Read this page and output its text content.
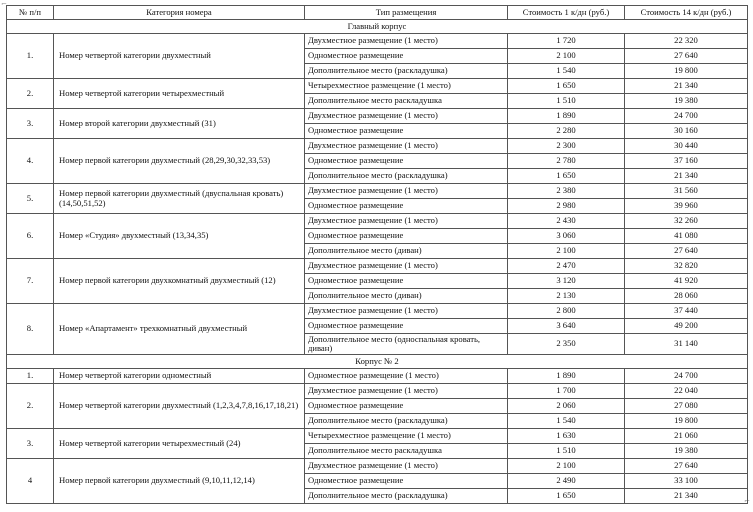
⌐
⌐
№ п/п	Категория номера	Тип размещения	Стоимость 1 к/дн (руб.)	Стоимость 14 к/дн (руб.)
Главный корпус				
1.	Номер четвертой категории двухместный	Двухместное размещение (1 место)	1 720	22 320
		Одноместное размещение	2 100	27 640
		Дополнительное место (раскладушка)	1 540	19 800
2.	Номер четвертой категории четырехместный	Четырехместное размещение (1 место)	1 650	21 340
		Дополнительное место раскладушка	1 510	19 380
3.	Номер второй категории двухместный (31)	Двухместное размещение (1 место)	1 890	24 700
		Одноместное размещение	2 280	30 160
4.	Номер первой категории двухместный (28,29,30,32,33,53)	Двухместное размещение (1 место)	2 300	30 440
		Одноместное размещение	2 780	37 160
		Дополнительное место (раскладушка)	1 650	21 340
5.	Номер первой категории двухместный (двуспальная кровать) (14,50,51,52)	Двухместное размещение (1 место)	2 380	31 560
		Одноместное размещение	2 980	39 960
6.	Номер «Студия» двухместный (13,34,35)	Двухместное размещение (1 место)	2 430	32 260
		Одноместное размещение	3 060	41 080
		Дополнительное место (диван)	2 100	27 640
7.	Номер первой категории двухкомнатный двухместный (12)	Двухместное размещение (1 место)	2 470	32 820
		Одноместное размещение	3 120	41 920
		Дополнительное место (диван)	2 130	28 060
8.	Номер «Апартамент» трехкомнатный двухместный	Двухместное размещение (1 место)	2 800	37 440
		Одноместное размещение	3 640	49 200
		Дополнительное место (односпальная кровать, диван)	2 350	31 140
Корпус № 2				
1.	Номер четвертой категории одноместный	Одноместное размещение (1 место)	1 890	24 700
2.	Номер четвертой категории двухместный (1,2,3,4,7,8,16,17,18,21)	Двухместное размещение (1 место)	1 700	22 040
		Одноместное размещение	2 060	27 080
		Дополнительное место (раскладушка)	1 540	19 800
3.	Номер четвертой категории четырехместный (24)	Четырехместное размещение (1 место)	1 630	21 060
		Дополнительное место раскладушка	1 510	19 380
4	Номер первой категории двухместный (9,10,11,12,14)	Двухместное размещение (1 место)	2 100	27 640
		Одноместное размещение	2 490	33 100
		Дополнительное место (раскладушка)	1 650	21 340
